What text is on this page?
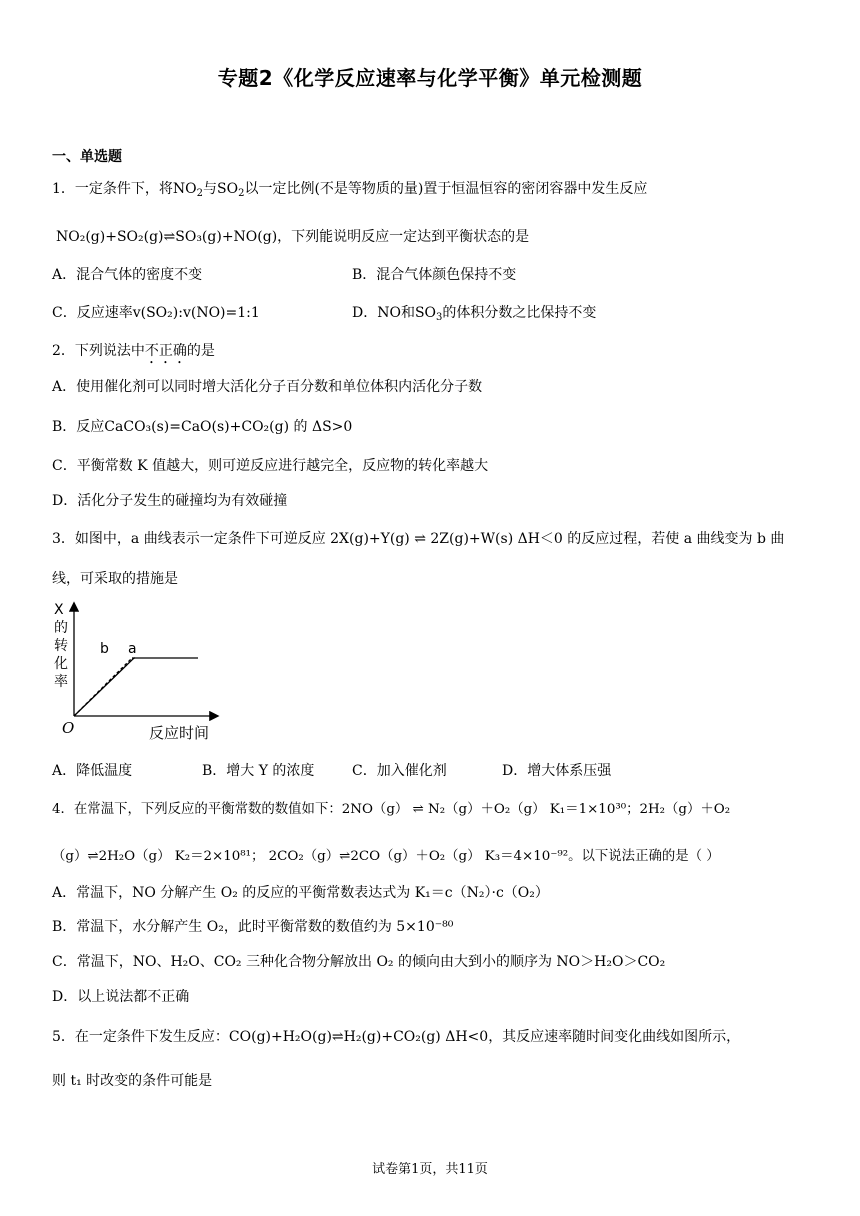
专题2《化学反应速率与化学平衡》单元检测题
一、单选题
1．一定条件下，将$NO_2$与$SO_2$以一定比例(不是等物质的量)置于恒温恒容的密闭容器中发生反应
NO₂(g)+SO₂(g)⇌SO₃(g)+NO(g)，下列能说明反应一定达到平衡状态的是
A．混合气体的密度不变	B．混合气体颜色保持不变
C．反应速率v(SO₂):v(NO)=1:1	D．NO和$SO_3$的体积分数之比保持不变
2．下列说法中不正确的是
A．使用催化剂可以同时增大活化分子百分数和单位体积内活化分子数
B．反应CaCO₃(s)=CaO(s)+CO₂(g) 的 ΔS>0
C．平衡常数 K 值越大，则可逆反应进行越完全，反应物的转化率越大
D．活化分子发生的碰撞均为有效碰撞
3．如图中，a 曲线表示一定条件下可逆反应 2X(g)+Y(g) ⇌ 2Z(g)+W(s) ΔH＜0 的反应过程，若使 a 曲线变为 b 曲
线，可采取的措施是
X
的
转
化
率
b a
O	反应时间
A．降低温度	B．增大 Y 的浓度	C．加入催化剂	D．增大体系压强
4．在常温下，下列反应的平衡常数的数值如下：2NO（g） ⇌ N₂（g）＋O₂（g） K₁＝1×10³⁰；2H₂（g）＋O₂
（g）⇌2H₂O（g） K₂＝2×10⁸¹； 2CO₂（g）⇌2CO（g）＋O₂（g） K₃＝4×10⁻⁹²。以下说法正确的是（ ）
A．常温下，NO 分解产生 O₂ 的反应的平衡常数表达式为 K₁＝c（N₂）·c（O₂）
B．常温下，水分解产生 O₂，此时平衡常数的数值约为 5×10⁻⁸⁰
C．常温下，NO、H₂O、CO₂ 三种化合物分解放出 O₂ 的倾向由大到小的顺序为 NO＞H₂O＞CO₂
D．以上说法都不正确
5．在一定条件下发生反应：CO(g)+H₂O(g)⇌H₂(g)+CO₂(g) ΔH<0，其反应速率随时间变化曲线如图所示，
则 t₁ 时改变的条件可能是
试卷第1页，共11页
